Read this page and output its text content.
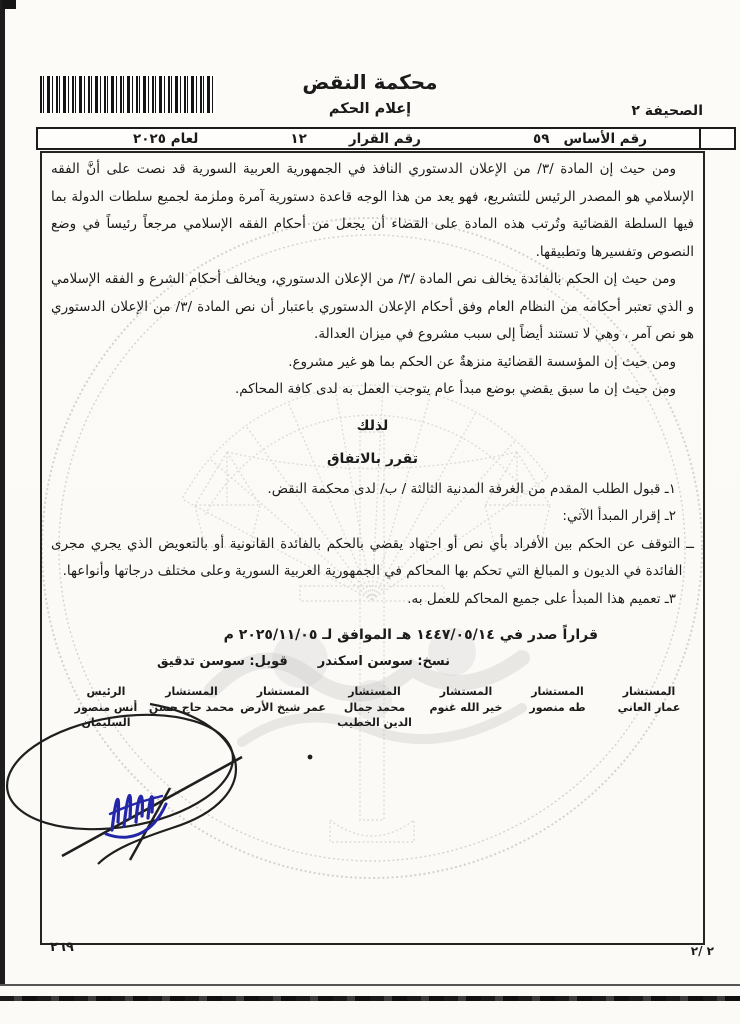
محكمة النقض
إعلام الحكم	الصحيفة ٢
رقم الأساس
٥٩
رقم القرار
١٢
لعام ٢٠٢٥

ومن حيث إن المادة /٣/ من الإعلان الدستوري النافذ في الجمهورية العربية السورية قد نصت على أنَّ الفقه الإسلامي هو المصدر الرئيس للتشريع، فهو يعد من هذا الوجه قاعدة دستورية آمرة وملزمة لجميع سلطات الدولة بما فيها السلطة القضائية وتُرتب هذه المادة على القضاء أن يجعل من أحكام الفقه الإسلامي مرجعاً رئيساً في وضع النصوص وتفسيرها وتطبيقها.

ومن حيث إن الحكم بالفائدة يخالف نص المادة /٣/ من الإعلان الدستوري، ويخالف أحكام الشرع و الفقه الإسلامي و الذي تعتبر أحكامه من النظام العام وفق أحكام الإعلان الدستوري باعتبار أن نص المادة /٣/ من الإعلان الدستوري هو نص آمر ، وهي لا تستند أيضاً إلى سبب مشروع في ميزان العدالة.

ومن حيث إن المؤسسة القضائية منزهةٌ عن الحكم بما هو غير مشروع.

ومن حيث إن ما سبق يقضي بوضع مبدأ عام يتوجب العمل به لدى كافة المحاكم.

لذلك

تقرر بالاتفاق

١ـ قبول الطلب المقدم من الغرفة المدنية الثالثة / ب/ لدى محكمة النقض.

٢ـ إقرار المبدأ الآتي:

ــ التوقف عن الحكم بين الأفراد بأي نص أو اجتهاد يقضي بالحكم بالفائدة القانونية أو بالتعويض الذي يجري مجرى الفائدة في الديون و المبالغ التي تحكم بها المحاكم في الجمهورية العربية السورية وعلى مختلف درجاتها وأنواعها.

٣ـ تعميم هذا المبدأ على جميع المحاكم للعمل به.

قراراً صدر في ١٤٤٧/٠٥/١٤ هـ الموافق لـ ٢٠٢٥/١١/٠٥ م

نسخ: سوسن اسكندر
قوبل: سوسن تدقيق
المستشار
عمار العاني
المستشار
طه منصور
المستشار
خير الله غنوم
المستشار
محمد جمال الدين الخطيب
المستشار
عمر شيخ الأرض
المستشار
محمد حاج حسن
الرئيس
أنس منصور السليمان
٢٦٩	٢ /٢
